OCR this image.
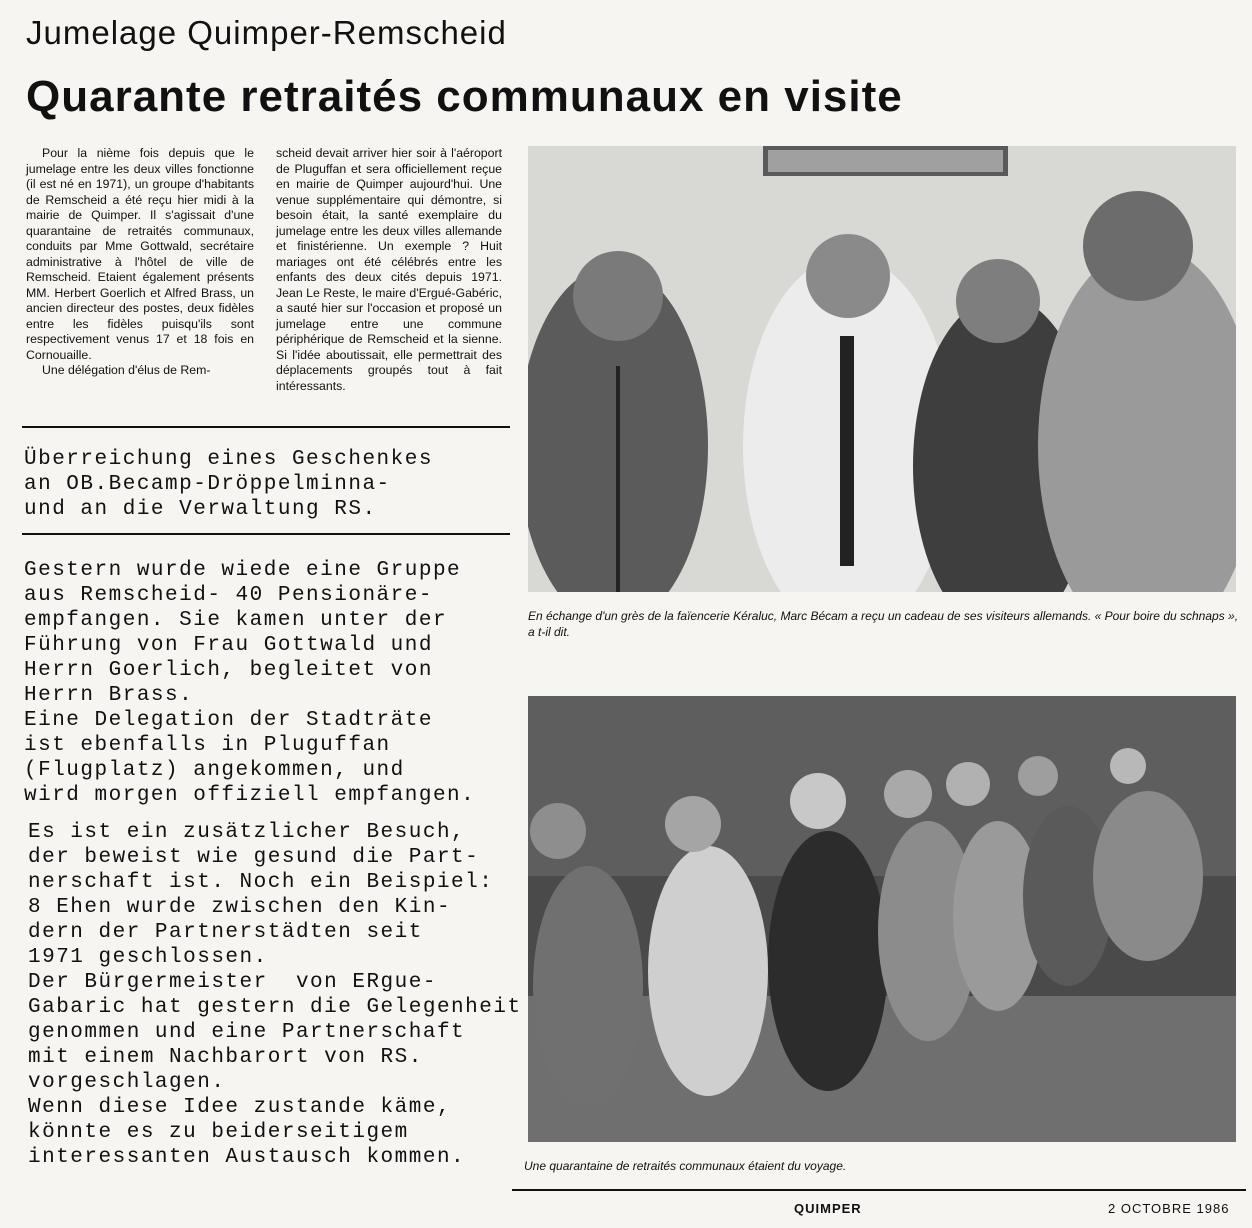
Jumelage Quimper-Remscheid
Quarante retraités communaux en visite

Pour la nième fois depuis que le jumelage entre les deux villes fonctionne (il est né en 1971), un groupe d'habitants de Remscheid a été reçu hier midi à la mairie de Quimper. Il s'agissait d'une quarantaine de retraités communaux, conduits par Mme Gottwald, secrétaire administrative à l'hôtel de ville de Remscheid. Etaient également présents MM. Herbert Goerlich et Alfred Brass, un ancien directeur des postes, deux fidèles entre les fidèles puisqu'ils sont respectivement venus 17 et 18 fois en Cornouaille.

Une délégation d'élus de Rem-

scheid devait arriver hier soir à l'aéroport de Pluguffan et sera officiellement reçue en mairie de Quimper aujourd'hui. Une venue supplémentaire qui démontre, si besoin était, la santé exemplaire du jumelage entre les deux villes allemande et finistérienne. Un exemple ? Huit mariages ont été célébrés entre les enfants des deux cités depuis 1971. Jean Le Reste, le maire d'Ergué-Gabéric, a sauté hier sur l'occasion et proposé un jumelage entre une commune périphérique de Remscheid et la sienne. Si l'idée aboutissait, elle permettrait des déplacements groupés tout à fait intéressants.

Überreichung eines Geschenkes
an OB.Becamp-Dröppelminna-
und an die Verwaltung RS.
Gestern wurde wiede eine Gruppe
aus Remscheid- 40 Pensionäre-
empfangen. Sie kamen unter der
Führung von Frau Gottwald und
Herrn Goerlich, begleitet von
Herrn Brass.
Eine Delegation der Stadträte
ist ebenfalls in Pluguffan
(Flugplatz) angekommen, und
wird morgen offiziell empfangen.
Es ist ein zusätzlicher Besuch,
der beweist wie gesund die Part-
nerschaft ist. Noch ein Beispiel:
8 Ehen wurde zwischen den Kin-
dern der Partnerstädten seit
1971 geschlossen.
Der Bürgermeister  von ERgue-
Gabaric hat gestern die Gelegenheit
genommen und eine Partnerschaft
mit einem Nachbarort von RS.
vorgeschlagen.
Wenn diese Idee zustande käme,
könnte es zu beiderseitigem
interessanten Austausch kommen.
En échange d'un grès de la faïencerie Kéraluc, Marc Bécam a reçu un cadeau de ses visiteurs allemands. « Pour boire du schnaps », a t-il dit.
Une quarantaine de retraités communaux étaient du voyage.
QUIMPER	2 OCTOBRE 1986
